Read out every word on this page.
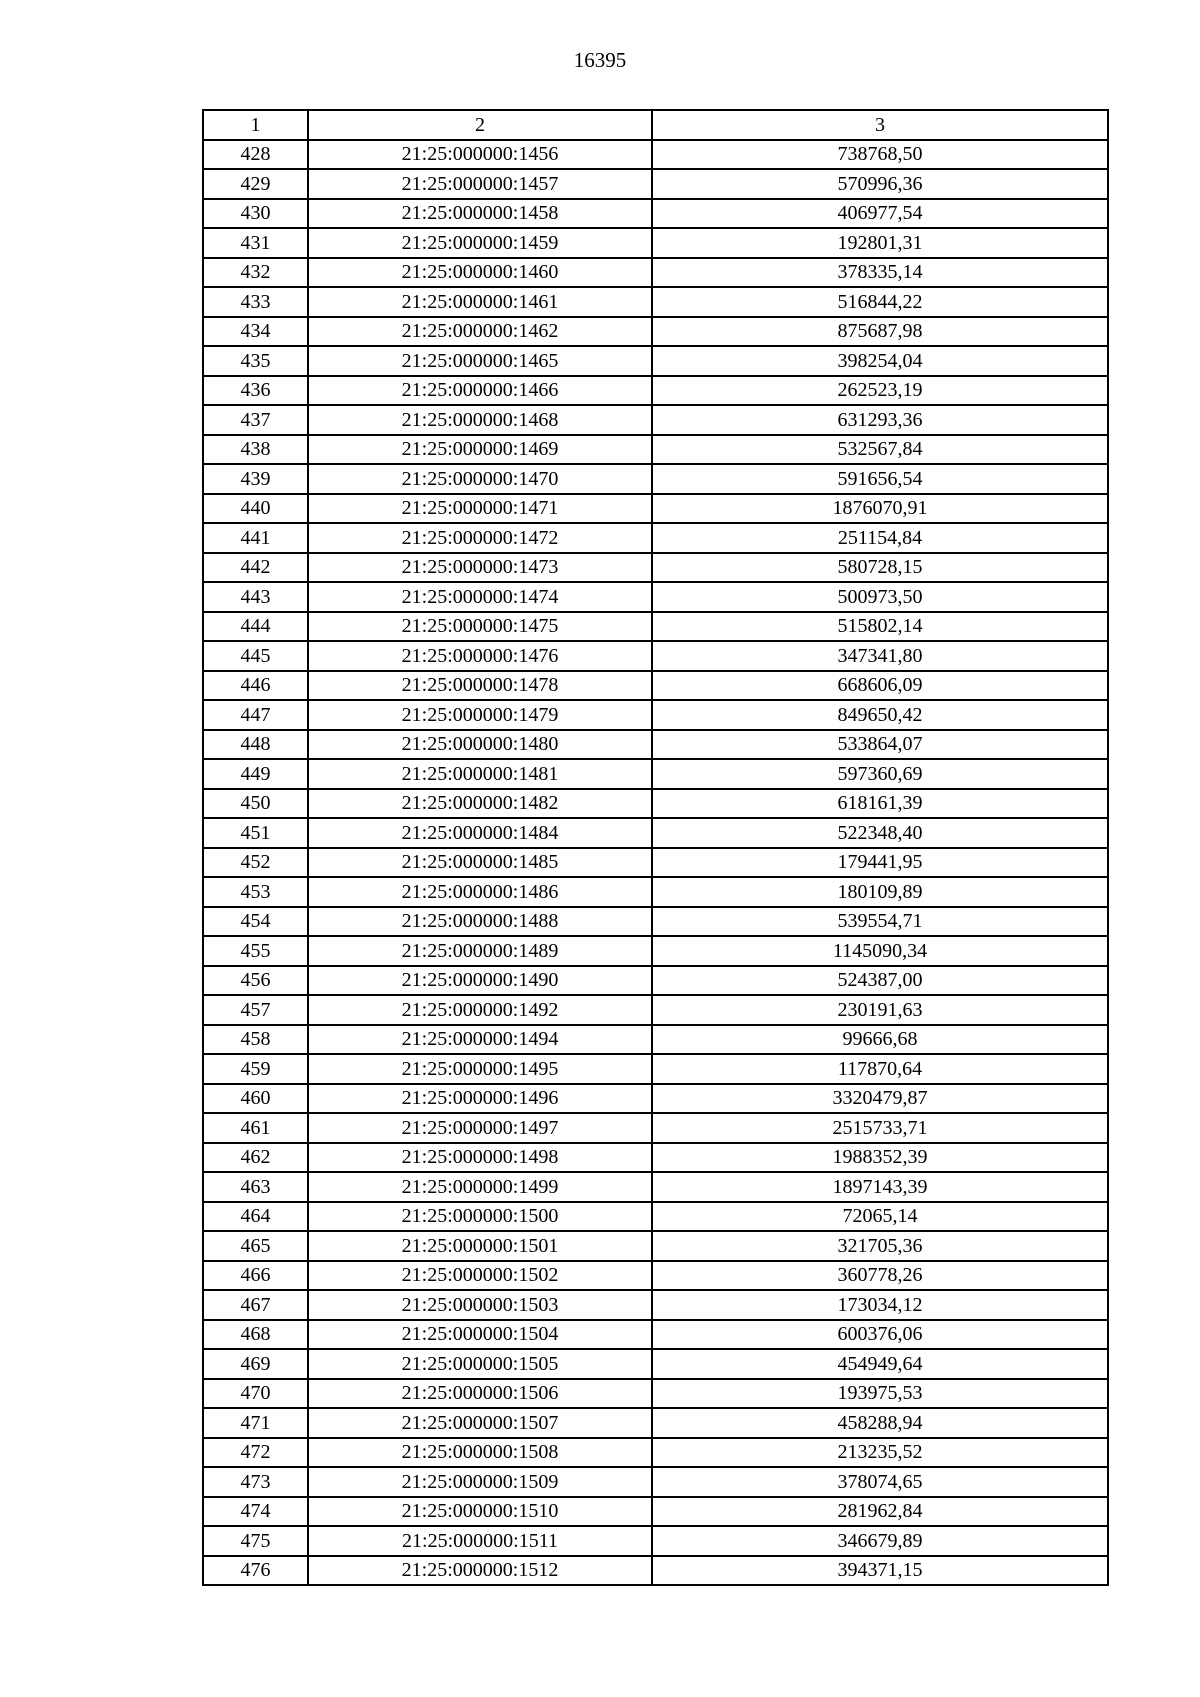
16395
1	2	3
428	21:25:000000:1456	738768,50
429	21:25:000000:1457	570996,36
430	21:25:000000:1458	406977,54
431	21:25:000000:1459	192801,31
432	21:25:000000:1460	378335,14
433	21:25:000000:1461	516844,22
434	21:25:000000:1462	875687,98
435	21:25:000000:1465	398254,04
436	21:25:000000:1466	262523,19
437	21:25:000000:1468	631293,36
438	21:25:000000:1469	532567,84
439	21:25:000000:1470	591656,54
440	21:25:000000:1471	1876070,91
441	21:25:000000:1472	251154,84
442	21:25:000000:1473	580728,15
443	21:25:000000:1474	500973,50
444	21:25:000000:1475	515802,14
445	21:25:000000:1476	347341,80
446	21:25:000000:1478	668606,09
447	21:25:000000:1479	849650,42
448	21:25:000000:1480	533864,07
449	21:25:000000:1481	597360,69
450	21:25:000000:1482	618161,39
451	21:25:000000:1484	522348,40
452	21:25:000000:1485	179441,95
453	21:25:000000:1486	180109,89
454	21:25:000000:1488	539554,71
455	21:25:000000:1489	1145090,34
456	21:25:000000:1490	524387,00
457	21:25:000000:1492	230191,63
458	21:25:000000:1494	99666,68
459	21:25:000000:1495	117870,64
460	21:25:000000:1496	3320479,87
461	21:25:000000:1497	2515733,71
462	21:25:000000:1498	1988352,39
463	21:25:000000:1499	1897143,39
464	21:25:000000:1500	72065,14
465	21:25:000000:1501	321705,36
466	21:25:000000:1502	360778,26
467	21:25:000000:1503	173034,12
468	21:25:000000:1504	600376,06
469	21:25:000000:1505	454949,64
470	21:25:000000:1506	193975,53
471	21:25:000000:1507	458288,94
472	21:25:000000:1508	213235,52
473	21:25:000000:1509	378074,65
474	21:25:000000:1510	281962,84
475	21:25:000000:1511	346679,89
476	21:25:000000:1512	394371,15
